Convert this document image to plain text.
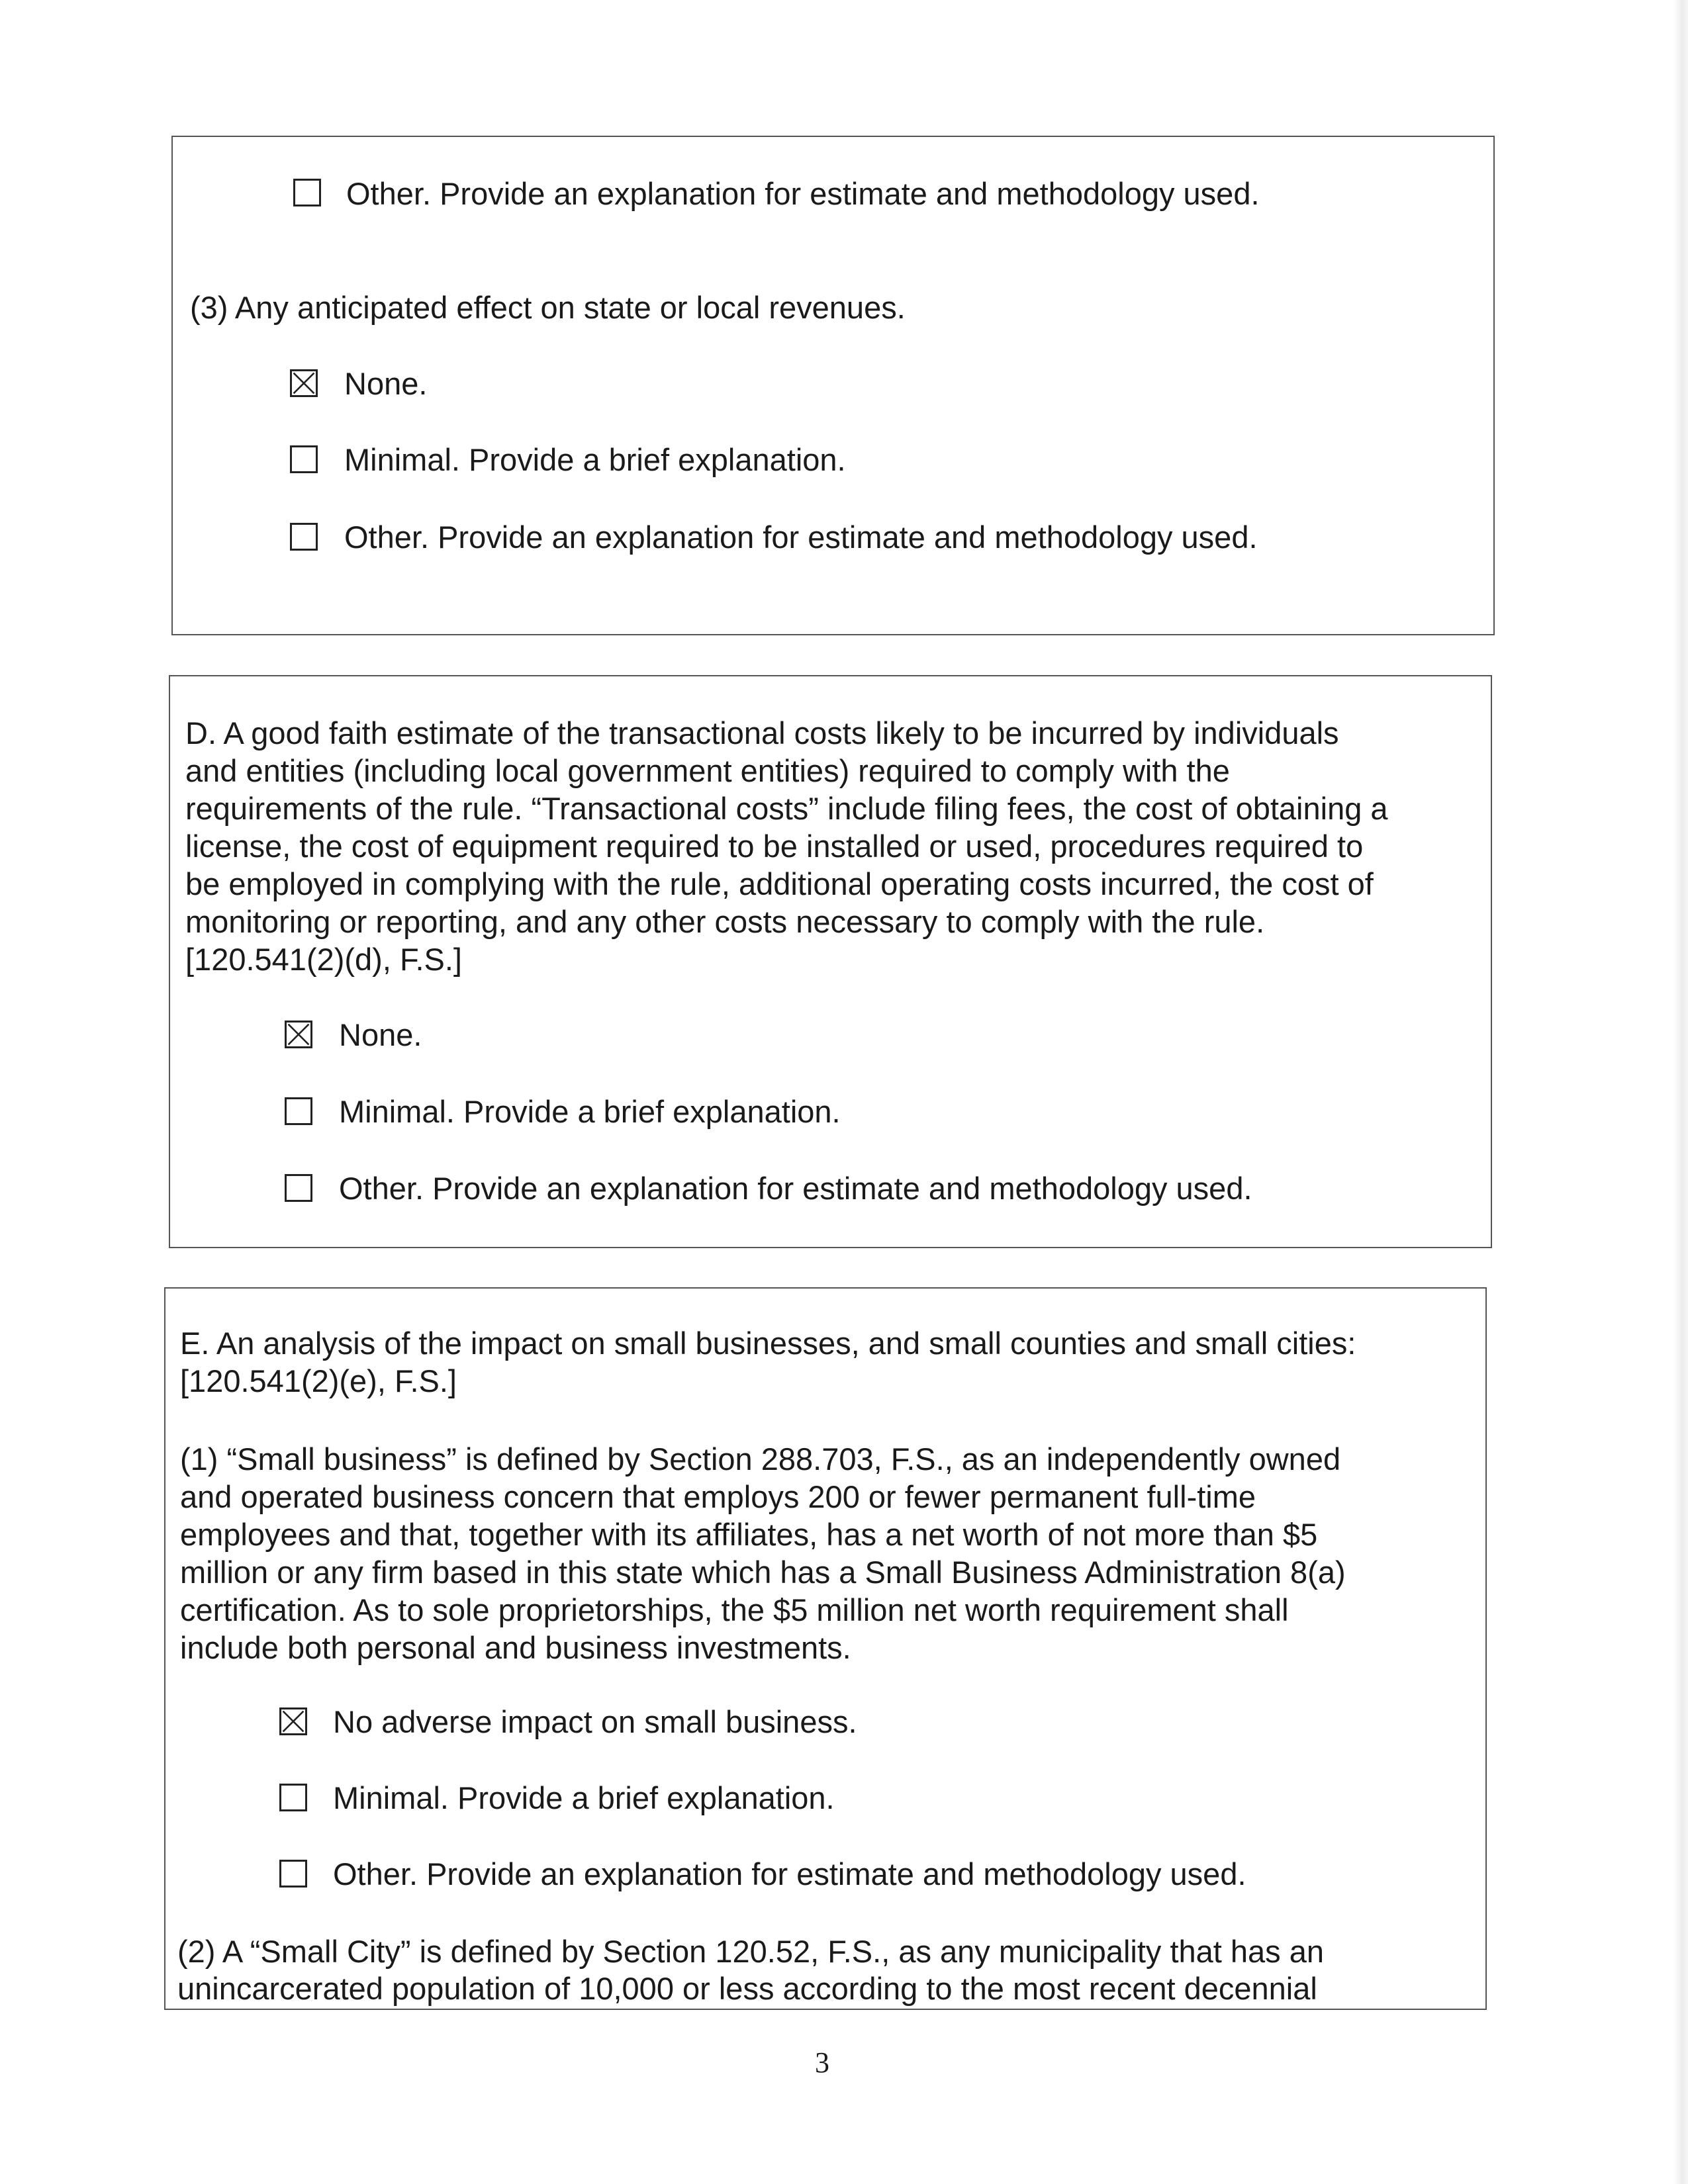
Other. Provide an explanation for estimate and methodology used.
(3) Any anticipated effect on state or local revenues.
None.
Minimal. Provide a brief explanation.
Other. Provide an explanation for estimate and methodology used.
D. A good faith estimate of the transactional costs likely to be incurred by individuals
and entities (including local government entities) required to comply with the
requirements of the rule. “Transactional costs” include filing fees, the cost of obtaining a
license, the cost of equipment required to be installed or used, procedures required to
be employed in complying with the rule, additional operating costs incurred, the cost of
monitoring or reporting, and any other costs necessary to comply with the rule.
[120.541(2)(d), F.S.]
None.
Minimal. Provide a brief explanation.
Other. Provide an explanation for estimate and methodology used.
E. An analysis of the impact on small businesses, and small counties and small cities:
[120.541(2)(e), F.S.]
(1) “Small business” is defined by Section 288.703, F.S., as an independently owned
and operated business concern that employs 200 or fewer permanent full-time
employees and that, together with its affiliates, has a net worth of not more than $5
million or any firm based in this state which has a Small Business Administration 8(a)
certification. As to sole proprietorships, the $5 million net worth requirement shall
include both personal and business investments.
No adverse impact on small business.
Minimal. Provide a brief explanation.
Other. Provide an explanation for estimate and methodology used.
(2) A “Small City” is defined by Section 120.52, F.S., as any municipality that has an
unincarcerated population of 10,000 or less according to the most recent decennial
3
